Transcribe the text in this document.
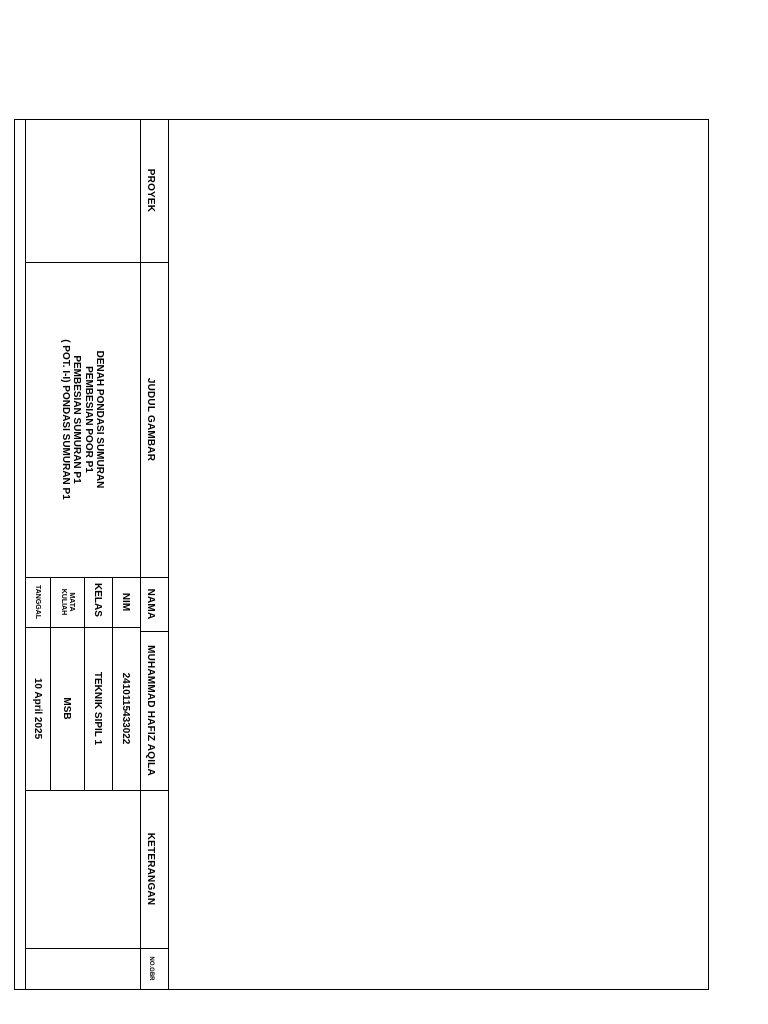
PROYEK
JUDUL GAMBAR
NAMA
MUHAMMAD HAFIZ AQILA
KETERANGAN
NO.GBR
DENAH PONDASI SUMURAN
PEMBESIAN POOR P1
PEMBESIAN SUMURAN P1
( POT. I-I) PONDASI SUMURAN P1
NIM
KELAS
MATA
KULIAH
TANGGAL
2410115433022
TEKNIK SIPIL 1
MSB
10 April 2025
